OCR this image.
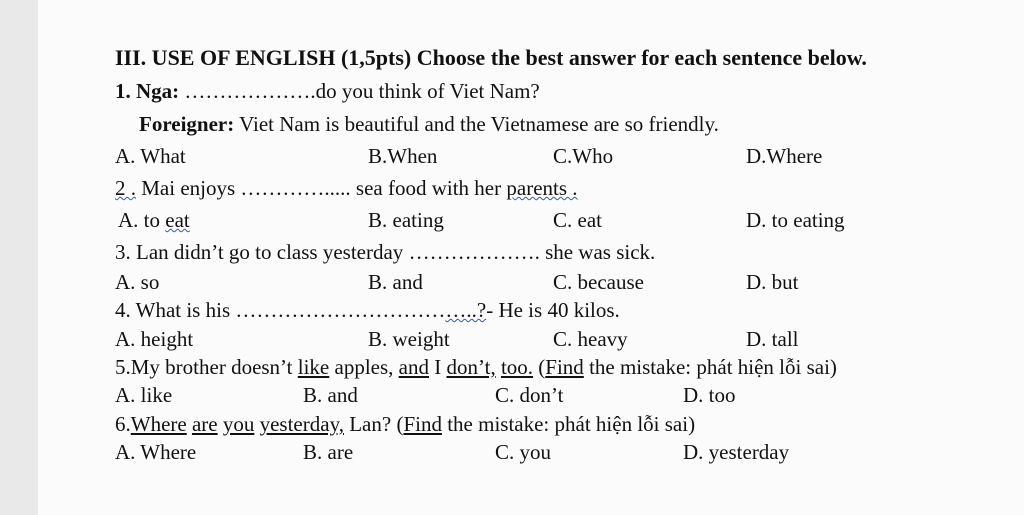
III. USE OF ENGLISH (1,5pts) Choose the best answer for each sentence below.
1. Nga: ……………….do you think of Viet Nam?
Foreigner: Viet Nam is beautiful and the Vietnamese are so friendly.
A. What	B.When	C.Who	D.Where
2 . Mai enjoys …………..... sea food with her parents .
A. to eat	B. eating	C. eat	D. to eating
3. Lan didn’t go to class yesterday ………………. she was sick.
A. so	B. and	C. because	D. but
4. What is his ……………………………..?- He is 40 kilos.
A. height	B. weight	C. heavy	D. tall
5.My brother doesn’t like apples, and I don’t, too. (Find the mistake: phát hiện lỗi sai)
A. like	B. and	C. don’t	D. too
6.Where are you yesterday, Lan? (Find the mistake: phát hiện lỗi sai)
A. Where	B. are	C. you	D. yesterday
